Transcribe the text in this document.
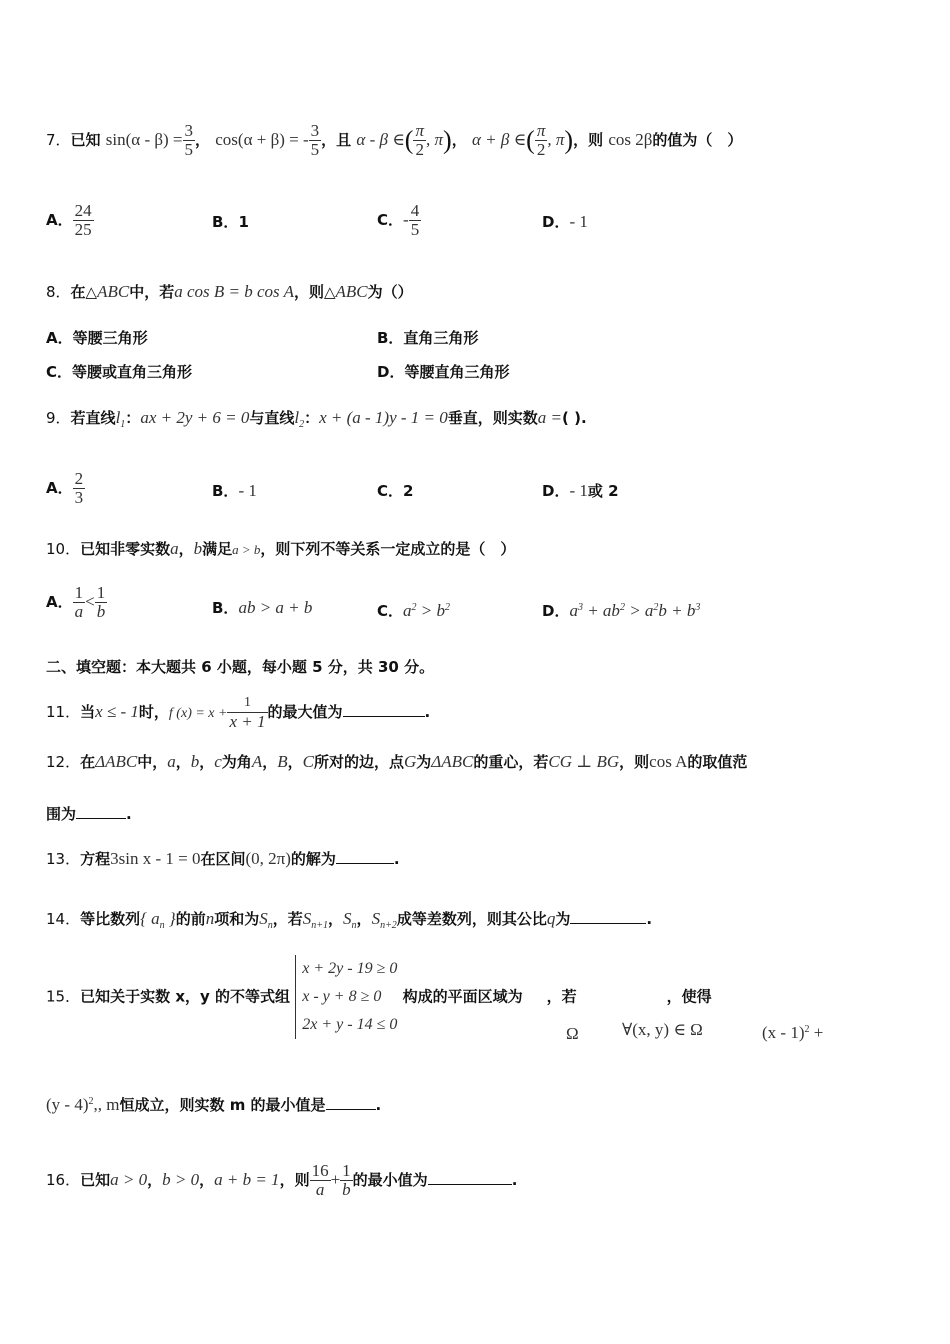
7．已知 $\sin(\alpha - \beta) = \frac{3}{5}$ ， cos(α + β) = - $\frac{3}{5}$ ，且 α - β ∈( $\frac{\pi}{2}$ , π)， α + β ∈( $\frac{\pi}{2}$ , π)，则 cos 2β的值为（　）
A． $\frac{24}{25}$	B．1	C．- $\frac{4}{5}$	D．- 1
8．在△ABC中，若a cos B = b cos A，则△ABC为（）
A．等腰三角形	B．直角三角形
C．等腰或直角三角形	D．等腰直角三角形
9．若直线$l_1$：ax + 2y + 6 = 0与直线$l_2$：x + (a - 1)y - 1 = 0垂直，则实数a =( ).
A． $\frac{2}{3}$	B．- 1	C．2	D．- 1或 2
10．已知非零实数a，b满足a > b，则下列不等关系一定成立的是（　）
A． $\frac{1}{a} < \frac{1}{b}$	B．ab > a + b	C．$a^2 > b^2$	D．$a^3 + ab^2 > a^2b + b^3$
二、填空题：本大题共 6 小题，每小题 5 分，共 30 分。
11．当x ≤ - 1时，f $(x) = x + \frac{1}{x + 1}$ 的最大值为	.
12．在ΔABC中，a，b，c为角A，B，C所对的边，点G为ΔABC的重心，若CG ⊥ BG，则cos A的取值范
围为	.
13．方程3sin x - 1 = 0在区间(0, 2π)的解为	.
14．等比数列{ $a_n$ }的前n项和为$S_n$，若$S_{n+1}$，$S_n$，$S_{n+2}$成等差数列，则其公比q为	.
15．已知关于实数 x，y 的不等式组
x + 2y - 19 ≥ 0
x - y + 8 ≥ 0
2x + y - 14 ≤ 0
构成的平面区域为 ，若	，使得
Ω	∀(x, y) ∈ Ω	(x - 1)$^2$ +
(y - 4)$^2$,, m恒成立，则实数 m 的最小值是	.
16．已知a > 0，b > 0，a + b = 1，则 $\frac{16}{a} + \frac{1}{b}$ 的最小值为	.
